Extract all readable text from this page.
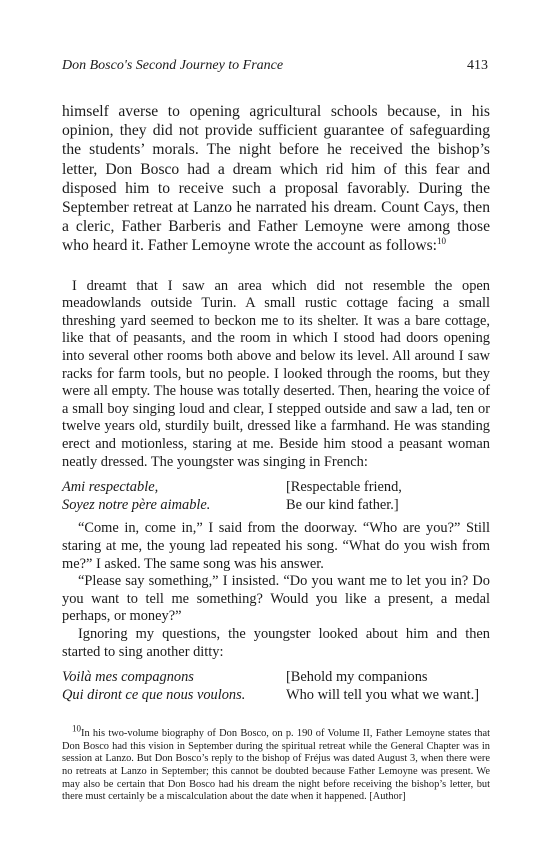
Don Bosco's Second Journey to France	413

himself averse to opening agricultural schools because, in his opinion, they did not provide sufficient guarantee of safeguarding the students’ morals. The night before he received the bishop’s letter, Don Bosco had a dream which rid him of this fear and disposed him to receive such a proposal favorably. During the September retreat at Lanzo he narrated his dream. Count Cays, then a cleric, Father Barberis and Father Lemoyne were among those who heard it. Father Lemoyne wrote the account as follows:$^{10}$

I dreamt that I saw an area which did not resemble the open meadowlands outside Turin. A small rustic cottage facing a small threshing yard seemed to beckon me to its shelter. It was a bare cottage, like that of peasants, and the room in which I stood had doors opening into several other rooms both above and below its level. All around I saw racks for farm tools, but no people. I looked through the rooms, but they were all empty. The house was totally deserted. Then, hearing the voice of a small boy singing loud and clear, I stepped outside and saw a lad, ten or twelve years old, sturdily built, dressed like a farmhand. He was standing erect and motionless, staring at me. Beside him stood a peasant woman neatly dressed. The youngster was singing in French:

Ami respectable,	[Respectable friend,
Soyez notre père aimable.	Be our kind father.]

“Come in, come in,” I said from the doorway. “Who are you?” Still staring at me, the young lad repeated his song. “What do you wish from me?” I asked. The same song was his answer.

“Please say something,” I insisted. “Do you want me to let you in? Do you want to tell me something? Would you like a present, a medal perhaps, or money?”

Ignoring my questions, the youngster looked about him and then started to sing another ditty:

Voilà mes compagnons	[Behold my companions
Qui diront ce que nous voulons.	Who will tell you what we want.]

$^{10}$In his two-volume biography of Don Bosco, on p. 190 of Volume II, Father Lemoyne states that Don Bosco had this vision in September during the spiritual retreat while the General Chapter was in session at Lanzo. But Don Bosco’s reply to the bishop of Fréjus was dated August 3, when there were no retreats at Lanzo in September; this cannot be doubted because Father Lemoyne was present. We may also be certain that Don Bosco had his dream the night before receiving the bishop’s letter, but there must certainly be a miscalculation about the date when it happened. [Author]
